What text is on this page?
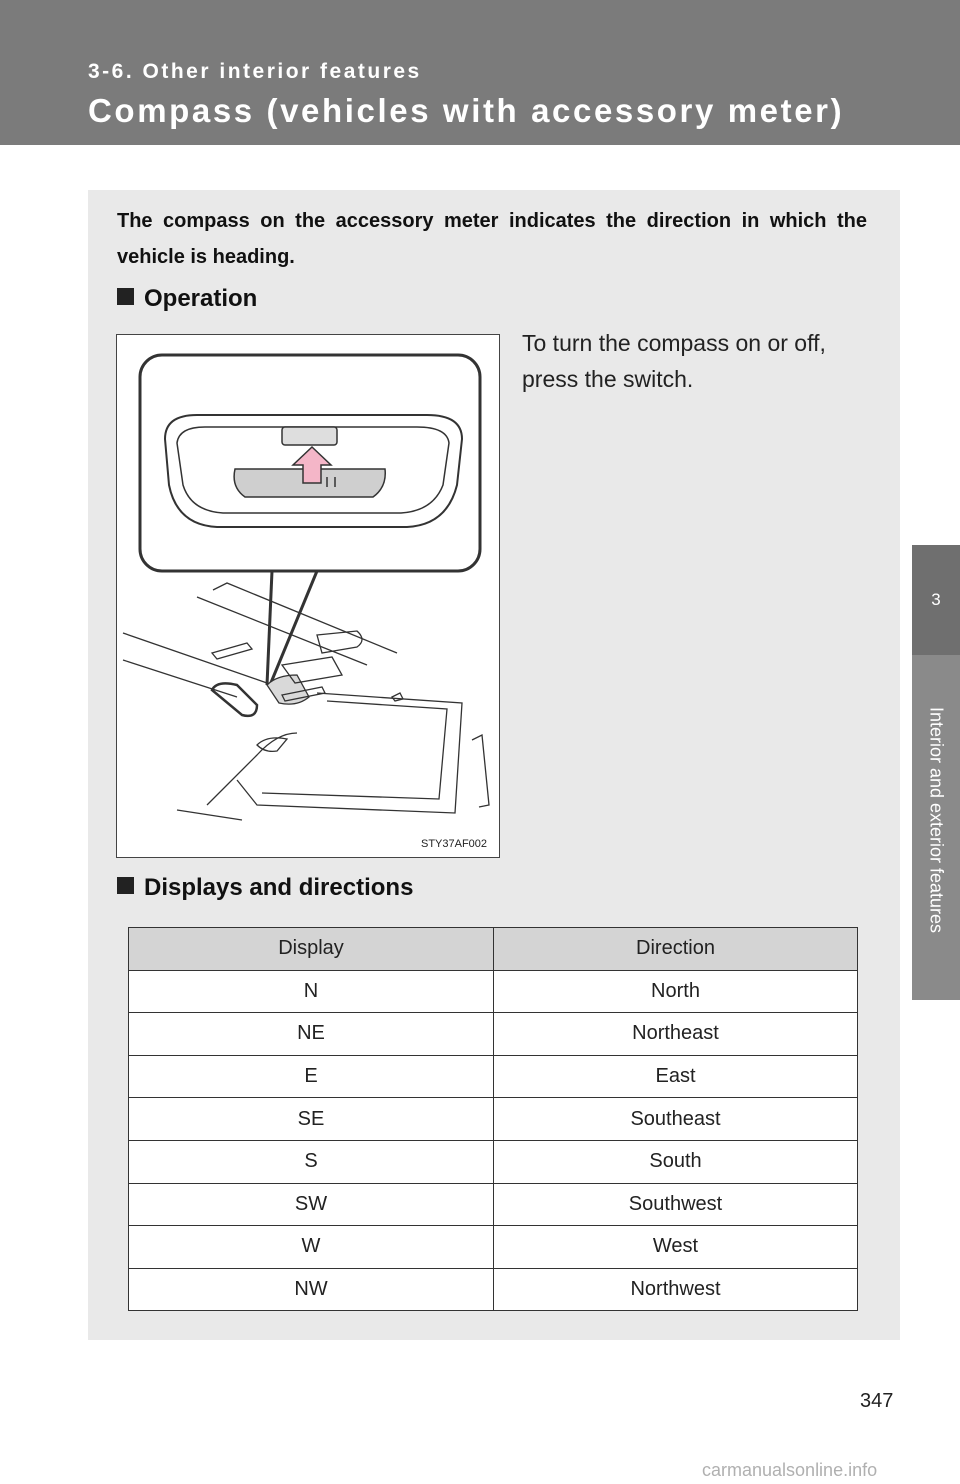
3-6. Other interior features
Compass (vehicles with accessory meter)
3
Interior and exterior features

The compass on the accessory meter indicates the direction in which the vehicle is heading.

Operation
To turn the compass on or off, press the switch.
STY37AF002
Displays and directions
Display	Direction
N	North
NE	Northeast
E	East
SE	Southeast
S	South
SW	Southwest
W	West
NW	Northwest
347
carmanualsonline.info
